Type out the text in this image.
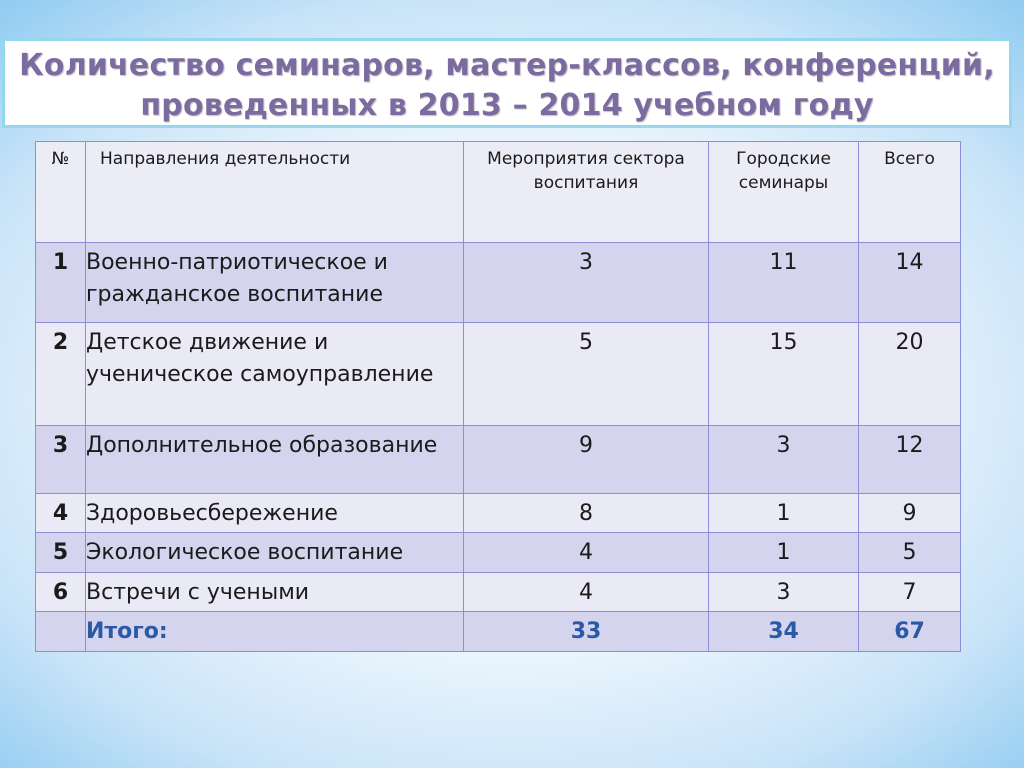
Количество семинаров, мастер-классов, конференций,
проведенных в 2013 – 2014 учебном году
№	Направления деятельности	Мероприятия сектора воспитания	Городские семинары	Всего
1	Военно-патриотическое и гражданское воспитание	3	11	14
2	Детское движение и ученическое самоуправление	5	15	20
3	Дополнительное образование	9	3	12
4	Здоровьесбережение	8	1	9
5	Экологическое воспитание	4	1	5
6	Встречи с учеными	4	3	7
	Итого:	33	34	67
